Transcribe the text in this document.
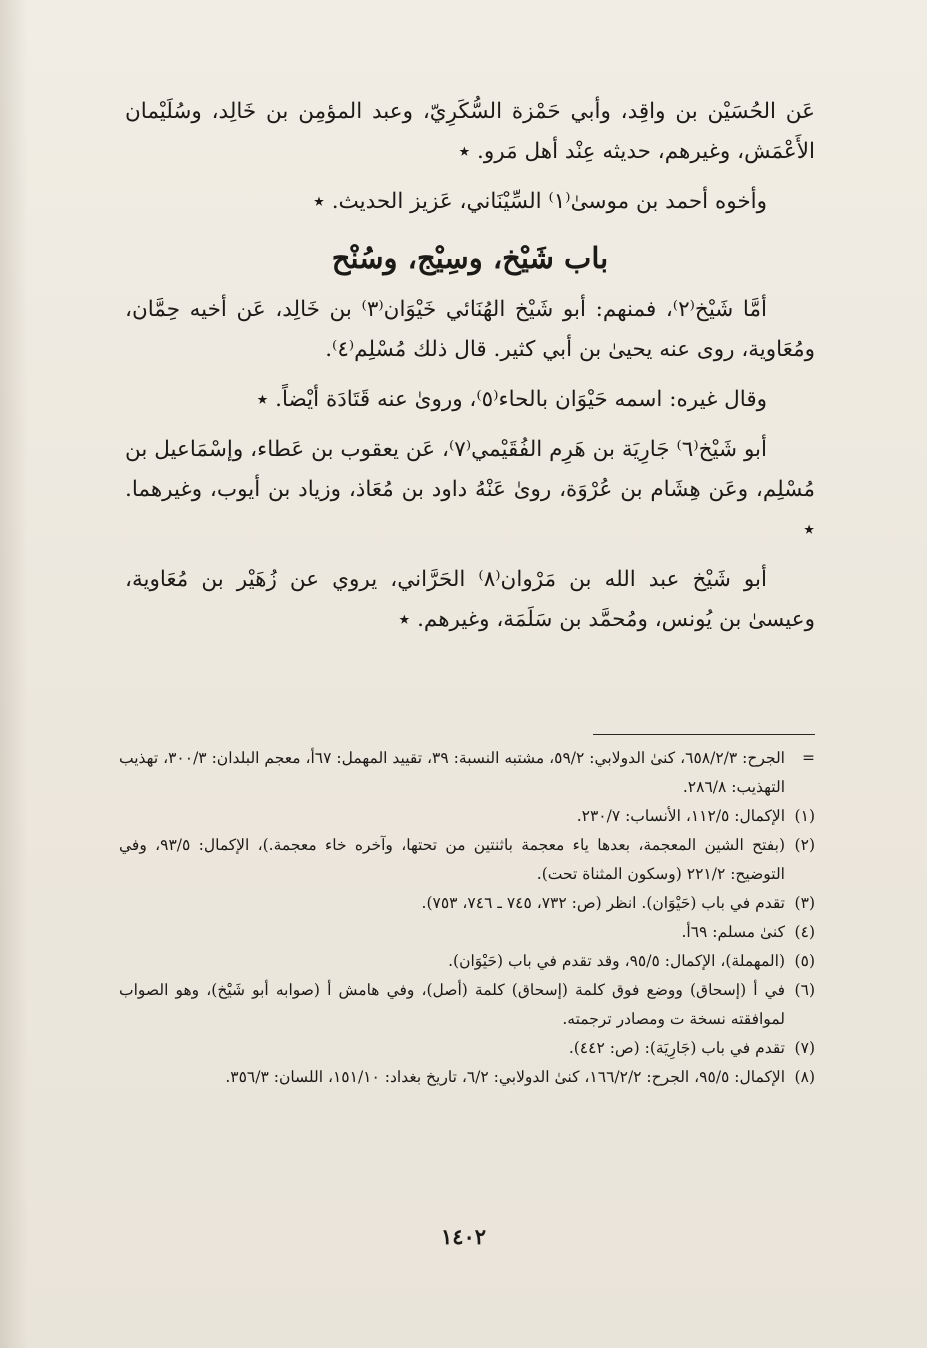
عَن الحُسَيْن بن واقِد، وأبي حَمْزة السُّكَرِيّ، وعبد المؤمِن بن خَالِد، وسُلَيْمان الأَعْمَش، وغيرهم، حديثه عِنْد أهل مَرو. ٭

وأخوه أحمد بن موسىٰ⁽١⁾ السِّيْنَاني، عَزيز الحديث. ٭

باب شَيْخ، وسِيْج، وسُنْح

أمَّا شَيْخ⁽٢⁾، فمنهم: أبو شَيْخ الهُنَائي خَيْوَان⁽٣⁾ بن خَالِد، عَن أخيه حِمَّان، ومُعَاوية، روى عنه يحيىٰ بن أبي كثير. قال ذلك مُسْلِم⁽٤⁾.

وقال غيره: اسمه حَيْوَان بالحاء⁽٥⁾، وروىٰ عنه قَتَادَة أيْضاً. ٭

أبو شَيْخ⁽٦⁾ جَارِيَة بن هَرِم الفُقَيْمي⁽٧⁾، عَن يعقوب بن عَطاء، وإسْمَاعيل بن مُسْلِم، وعَن هِشَام بن عُرْوَة، روىٰ عَنْهُ داود بن مُعَاذ، وزياد بن أيوب، وغيرهما. ٭

أبو شَيْخ عبد الله بن مَرْوان⁽٨⁾ الحَرَّاني، يروي عن زُهَيْر بن مُعَاوية، وعيسىٰ بن يُونس، ومُحمَّد بن سَلَمَة، وغيرهم. ٭

=
الجرح: ٦٥٨/٢/٣، كنىٰ الدولابي: ٥٩/٢، مشتبه النسبة: ٣٩، تقييد المهمل: ٦٧أ، معجم البلدان: ٣٠٠/٣، تهذيب التهذيب: ٢٨٦/٨.

(١)
الإكمال: ١١٢/٥، الأنساب: ٢٣٠/٧.

(٢)
(بفتح الشين المعجمة، بعدها ياء معجمة باثنتين من تحتها، وآخره خاء معجمة.)، الإكمال: ٩٣/٥، وفي التوضيح: ٢٢١/٢ (وسكون المثناة تحت).

(٣)
تقدم في باب (حَيْوَان). انظر (ص: ٧٣٢، ٧٤٥ ـ ٧٤٦، ٧٥٣).

(٤)
كنىٰ مسلم: ٦٩أ.

(٥)
(المهملة)، الإكمال: ٩٥/٥، وقد تقدم في باب (حَيْوَان).

(٦)
في أ (إسحاق) ووضع فوق كلمة (إسحاق) كلمة (أصل)، وفي هامش أ (صوابه أبو شَيْخ)، وهو الصواب لموافقته نسخة ت ومصادر ترجمته.

(٧)
تقدم في باب (جَارِيَة): (ص: ٤٤٢).

(٨)
الإكمال: ٩٥/٥، الجرح: ١٦٦/٢/٢، كنىٰ الدولابي: ٦/٢، تاريخ بغداد: ١٥١/١٠، اللسان: ٣٥٦/٣.

١٤٠٢
